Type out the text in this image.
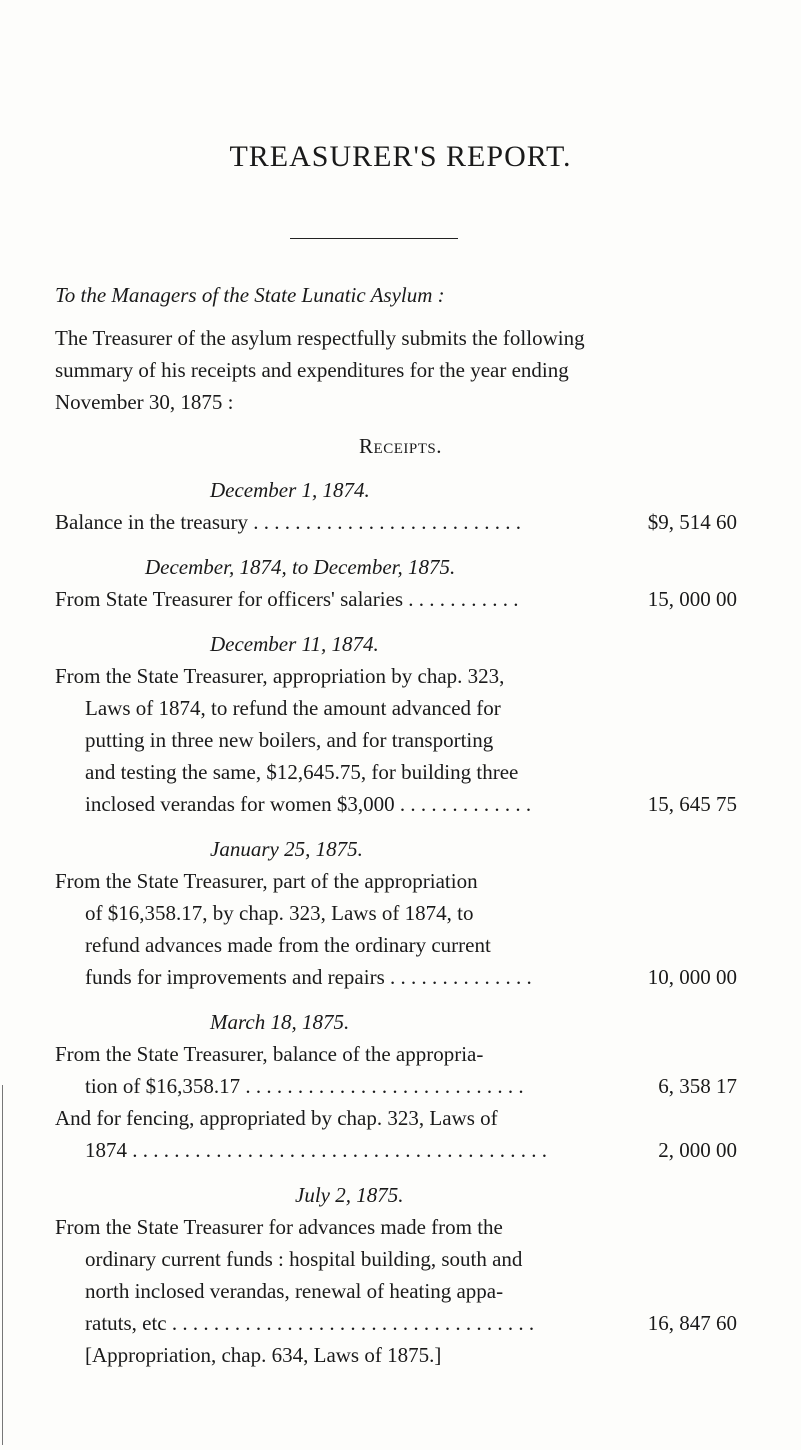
TREASURER'S REPORT.
To the Managers of the State Lunatic Asylum :
The Treasurer of the asylum respectfully submits the following
summary of his receipts and expenditures for the year ending
November 30, 1875 :
Receipts.
December 1, 1874.
Balance in the treasury . . . . . . . . . . . . . . . . . . . . . . . . . .	$9, 514 60
December, 1874, to December, 1875.
From State Treasurer for officers' salaries . . . . . . . . . . .	15, 000 00
December 11, 1874.
From the State Treasurer, appropriation by chap. 323,
Laws of 1874, to refund the amount advanced for
putting in three new boilers, and for transporting
and testing the same, $12,645.75, for building three
inclosed verandas for women $3,000 . . . . . . . . . . . . .	15, 645 75
January 25, 1875.
From the State Treasurer, part of the appropriation
of $16,358.17, by chap. 323, Laws of 1874, to
refund advances made from the ordinary current
funds for improvements and repairs . . . . . . . . . . . . . .	10, 000 00
March 18, 1875.
From the State Treasurer, balance of the appropria-
tion of $16,358.17 . . . . . . . . . . . . . . . . . . . . . . . . . . .	6, 358 17
And for fencing, appropriated by chap. 323, Laws of
1874 . . . . . . . . . . . . . . . . . . . . . . . . . . . . . . . . . . . . . . . .	2, 000 00
July 2, 1875.
From the State Treasurer for advances made from the
ordinary current funds : hospital building, south and
north inclosed verandas, renewal of heating appa-
ratuts, etc . . . . . . . . . . . . . . . . . . . . . . . . . . . . . . . . . . .	16, 847 60
[Appropriation, chap. 634, Laws of 1875.]
